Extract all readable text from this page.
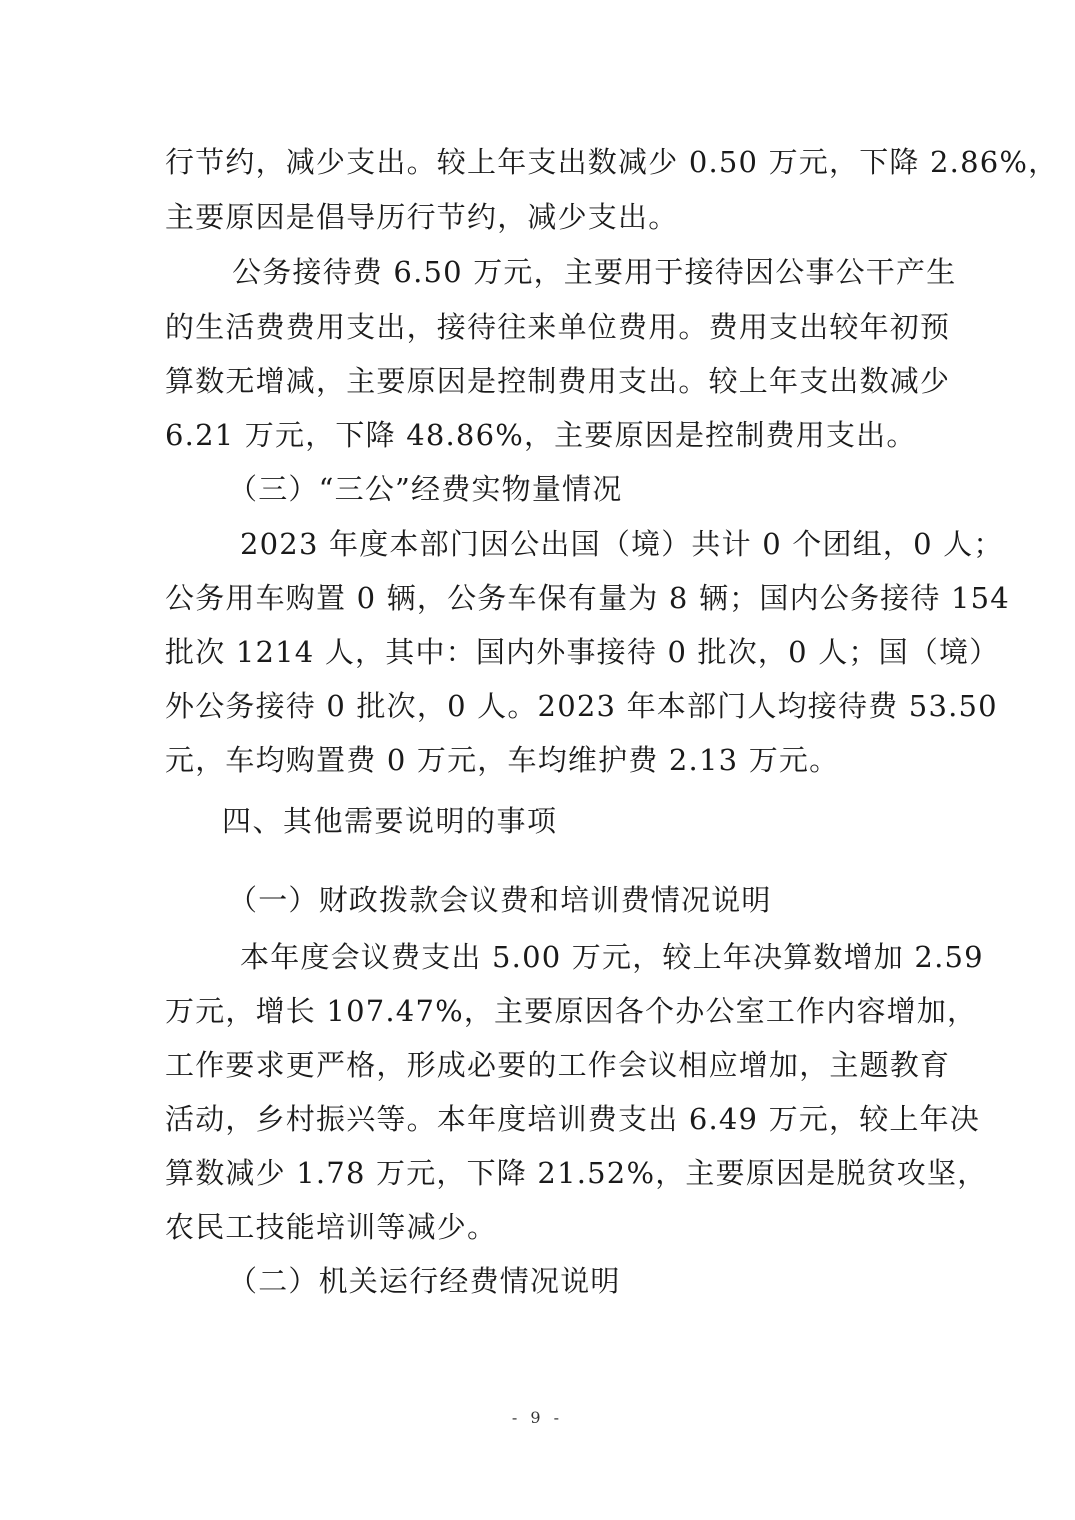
行节约，减少支出。较上年支出数减少 0.50 万元，下降 2.86%，
主要原因是倡导历行节约，减少支出。
公务接待费 6.50 万元，主要用于接待因公事公干产生
的生活费费用支出，接待往来单位费用。费用支出较年初预
算数无增减，主要原因是控制费用支出。较上年支出数减少
6.21 万元，下降 48.86%，主要原因是控制费用支出。
（三）“三公”经费实物量情况
2023 年度本部门因公出国（境）共计 0 个团组，0 人；
公务用车购置 0 辆，公务车保有量为 8 辆；国内公务接待 154
批次 1214 人，其中：国内外事接待 0 批次，0 人；国（境）
外公务接待 0 批次，0 人。2023 年本部门人均接待费 53.50
元，车均购置费 0 万元，车均维护费 2.13 万元。
四、其他需要说明的事项
（一）财政拨款会议费和培训费情况说明
本年度会议费支出 5.00 万元，较上年决算数增加 2.59
万元，增长 107.47%，主要原因各个办公室工作内容增加，
工作要求更严格，形成必要的工作会议相应增加，主题教育
活动，乡村振兴等。本年度培训费支出 6.49 万元，较上年决
算数减少 1.78 万元，下降 21.52%，主要原因是脱贫攻坚，
农民工技能培训等减少。
（二）机关运行经费情况说明
- 9 -
